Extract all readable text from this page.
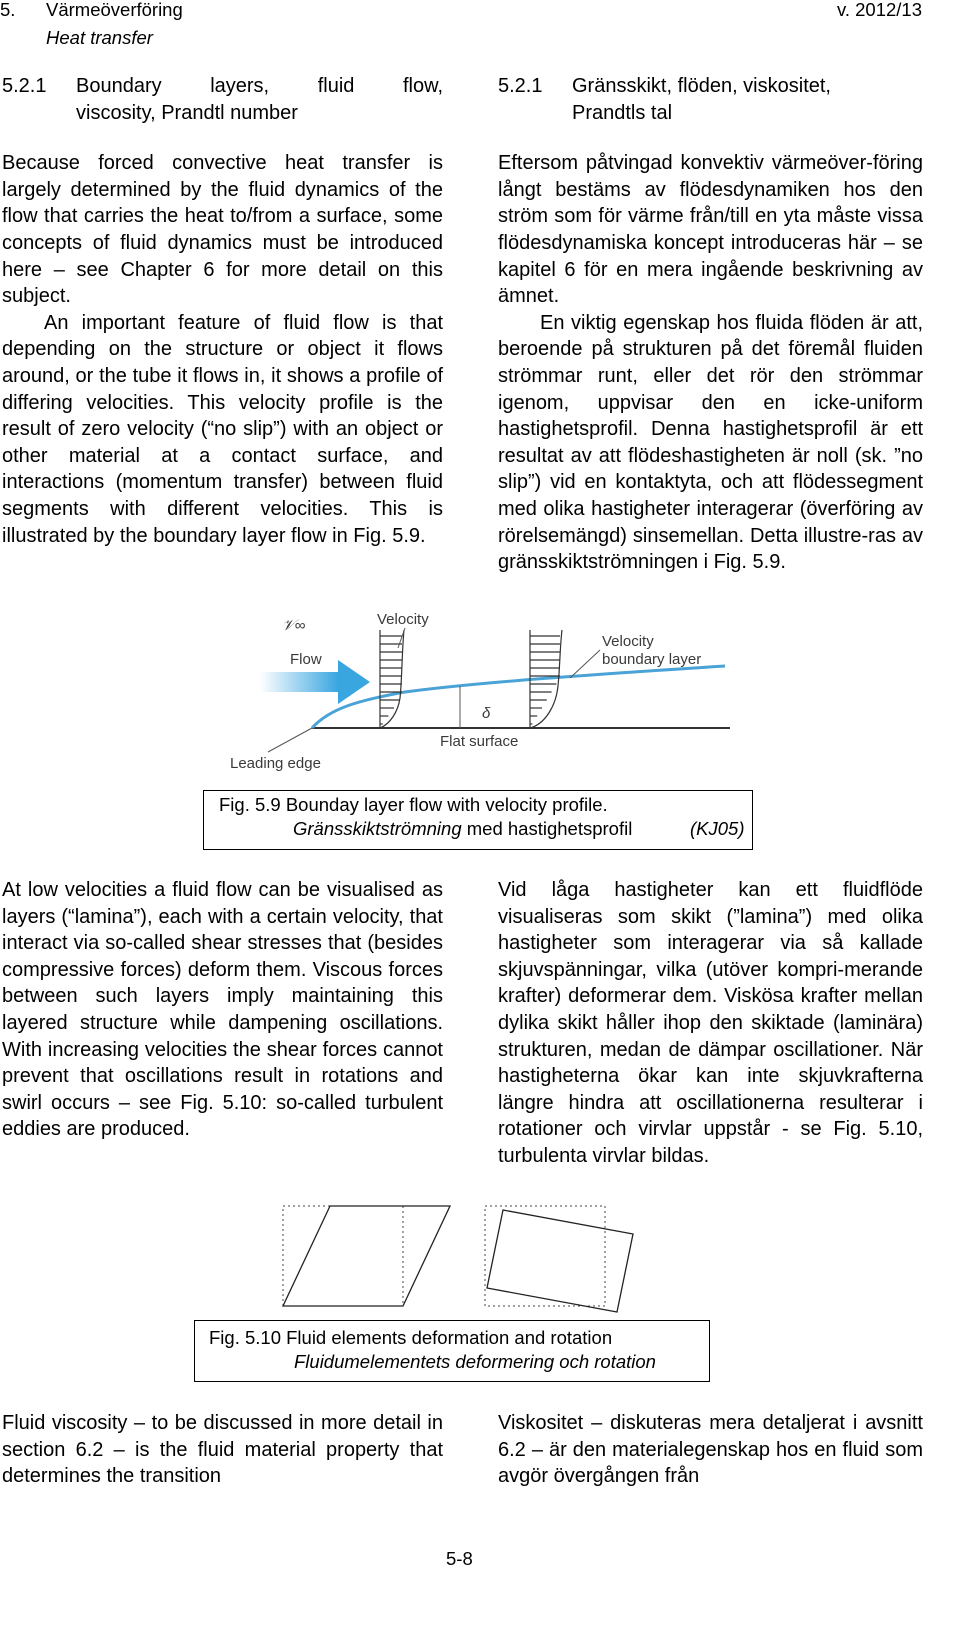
5. Värmeöverföring
Heat transfer
v. 2012/13
5.2.1	Boundary layers, fluid flow,
viscosity, Prandtl number

Because forced convective heat transfer is largely determined by the fluid dynamics of the flow that carries the heat to/from a surface, some concepts of fluid dynamics must be introduced here – see Chapter 6 for more detail on this subject.

An important feature of fluid flow is that depending on the structure or object it flows around, or the tube it flows in, it shows a profile of differing velocities. This velocity profile is the result of zero velocity (“no slip”) with an object or other material at a contact surface, and interactions (momentum transfer) between fluid segments with different velocities. This is illustrated by the boundary layer flow in Fig. 5.9.

5.2.1	Gränsskikt, flöden, viskositet,
Prandtls tal

Eftersom påtvingad konvektiv värmeöver-föring långt bestäms av flödesdynamiken hos den ström som för värme från/till en yta måste vissa flödesdynamiska koncept introduceras här – se kapitel 6 för en mera ingående beskrivning av ämnet.

En viktig egenskap hos fluida flöden är att, beroende på strukturen på det föremål fluiden strömmar runt, eller det rör den strömmar igenom, uppvisar den en icke-uniform hastighetsprofil. Denna hastighetsprofil är ett resultat av att flödeshastigheten är noll (sk. ”no slip”) vid en kontaktyta, och att flödessegment med olika hastigheter interagerar (överföring av rörelsemängd) sinsemellan. Detta illustre-ras av gränsskiktströmningen i Fig. 5.9.

𝒱∞	Velocity
Flow
Velocity
boundary layer
δ
Flat surface
Leading edge
Fig. 5.9 Bounday layer flow with velocity profile.
Gränsskiktströmning med hastighetsprofil	(KJ05)

At low velocities a fluid flow can be visualised as layers (“lamina”), each with a certain velocity, that interact via so-called shear stresses that (besides compressive forces) deform them. Viscous forces between such layers imply maintaining this layered structure while dampening oscillations. With increasing velocities the shear forces cannot prevent that oscillations result in rotations and swirl occurs – see Fig. 5.10: so-called turbulent eddies are produced.

Vid låga hastigheter kan ett fluidflöde visualiseras som skikt (”lamina”) med olika hastigheter som interagerar via så kallade skjuvspänningar, vilka (utöver kompri-merande krafter) deformerar dem. Viskösa krafter mellan dylika skikt håller ihop den skiktade (laminära) strukturen, medan de dämpar oscillationer. När hastigheterna ökar kan inte skjuvkrafterna längre hindra att oscillationerna resulterar i rotationer och virvlar uppstår - se Fig. 5.10, turbulenta virvlar bildas.

Fig. 5.10 Fluid elements deformation and rotation
Fluidumelementets deformering och rotation

Fluid viscosity – to be discussed in more detail in section 6.2 – is the fluid material property that determines the transition

Viskositet – diskuteras mera detaljerat i avsnitt 6.2 – är den materialegenskap hos en fluid som avgör övergången från

5-8
